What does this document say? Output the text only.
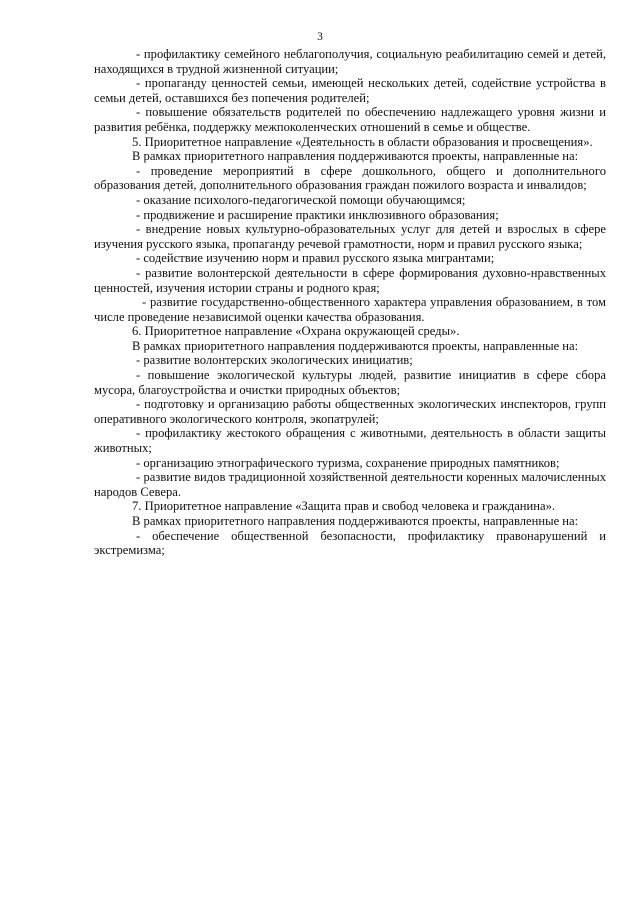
3

- профилактику семейного неблагополучия, социальную реабилитацию семей и детей, находящихся в трудной жизненной ситуации;

- пропаганду ценностей семьи, имеющей нескольких детей, содействие устройства в семьи детей, оставшихся без попечения родителей;

- повышение обязательств родителей по обеспечению надлежащего уровня жизни и развития ребёнка, поддержку межпоколенческих отношений в семье и обществе.

5. Приоритетное направление «Деятельность в области образования и просвещения».

В рамках приоритетного направления поддерживаются проекты, направленные на:

- проведение мероприятий в сфере дошкольного, общего и дополнительного образования детей, дополнительного образования граждан пожилого возраста и инвалидов;

- оказание психолого-педагогической помощи обучающимся;

- продвижение и расширение практики инклюзивного образования;

- внедрение новых культурно-образовательных услуг для детей и взрослых в сфере изучения русского языка, пропаганду речевой грамотности, норм и правил русского языка;

- содействие изучению норм и правил русского языка мигрантами;

- развитие волонтерской деятельности в сфере формирования духовно-нравственных ценностей, изучения истории страны и родного края;

- развитие государственно-общественного характера управления образованием, в том числе проведение независимой оценки качества образования.

6. Приоритетное направление «Охрана окружающей среды».

В рамках приоритетного направления поддерживаются проекты, направленные на:

- развитие волонтерских экологических инициатив;

- повышение экологической культуры людей, развитие инициатив в сфере сбора мусора, благоустройства и очистки природных объектов;

- подготовку и организацию работы общественных экологических инспекторов, групп оперативного экологического контроля, экопатрулей;

- профилактику жестокого обращения с животными, деятельность в области защиты животных;

- организацию этнографического туризма, сохранение природных памятников;

- развитие видов традиционной хозяйственной деятельности коренных малочисленных народов Севера.

7. Приоритетное направление «Защита прав и свобод человека и гражданина».

В рамках приоритетного направления поддерживаются проекты, направленные на:

- обеспечение общественной безопасности, профилактику правонарушений и экстремизма;
